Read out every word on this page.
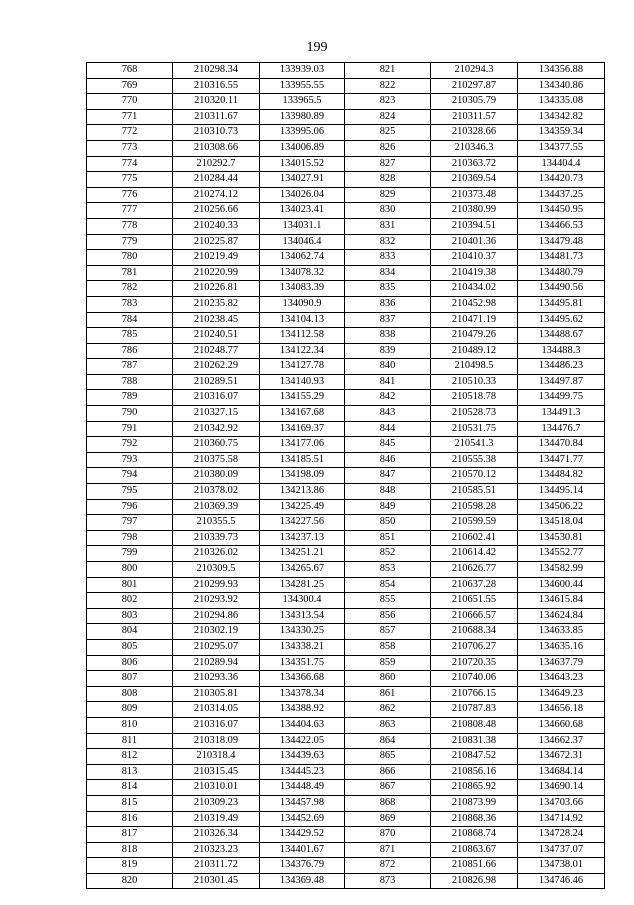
199
768	210298.34	133939.03	821	210294.3	134356.88
769	210316.55	133955.55	822	210297.87	134340.86
770	210320.11	133965.5	823	210305.79	134335.08
771	210311.67	133980.89	824	210311.57	134342.82
772	210310.73	133995.06	825	210328.66	134359.34
773	210308.66	134006.89	826	210346.3	134377.55
774	210292.7	134015.52	827	210363.72	134404.4
775	210284.44	134027.91	828	210369.54	134420.73
776	210274.12	134026.04	829	210373.48	134437.25
777	210256.66	134023.41	830	210380.99	134450.95
778	210240.33	134031.1	831	210394.51	134466.53
779	210225.87	134046.4	832	210401.36	134479.48
780	210219.49	134062.74	833	210410.37	134481.73
781	210220.99	134078.32	834	210419.38	134480.79
782	210226.81	134083.39	835	210434.02	134490.56
783	210235.82	134090.9	836	210452.98	134495.81
784	210238.45	134104.13	837	210471.19	134495.62
785	210240.51	134112.58	838	210479.26	134488.67
786	210248.77	134122.34	839	210489.12	134488.3
787	210262.29	134127.78	840	210498.5	134486.23
788	210289.51	134140.93	841	210510.33	134497.87
789	210316.07	134155.29	842	210518.78	134499.75
790	210327.15	134167.68	843	210528.73	134491.3
791	210342.92	134169.37	844	210531.75	134476.7
792	210360.75	134177.06	845	210541.3	134470.84
793	210375.58	134185.51	846	210555.38	134471.77
794	210380.09	134198.09	847	210570.12	134484.82
795	210378.02	134213.86	848	210585.51	134495.14
796	210369.39	134225.49	849	210598.28	134506.22
797	210355.5	134227.56	850	210599.59	134518.04
798	210339.73	134237.13	851	210602.41	134530.81
799	210326.02	134251.21	852	210614.42	134552.77
800	210309.5	134265.67	853	210626.77	134582.99
801	210299.93	134281.25	854	210637.28	134600.44
802	210293.92	134300.4	855	210651.55	134615.84
803	210294.86	134313.54	856	210666.57	134624.84
804	210302.19	134330.25	857	210688.34	134633.85
805	210295.07	134338.21	858	210706.27	134635.16
806	210289.94	134351.75	859	210720.35	134637.79
807	210293.36	134366.68	860	210740.06	134643.23
808	210305.81	134378.34	861	210766.15	134649.23
809	210314.05	134388.92	862	210787.83	134656.18
810	210316.07	134404.63	863	210808.48	134660.68
811	210318.09	134422.05	864	210831.38	134662.37
812	210318.4	134439.63	865	210847.52	134672.31
813	210315.45	134445.23	866	210856.16	134684.14
814	210310.01	134448.49	867	210865.92	134690.14
815	210309.23	134457.98	868	210873.99	134703.66
816	210319.49	134452.69	869	210868.36	134714.92
817	210326.34	134429.52	870	210868.74	134728.24
818	210323.23	134401.67	871	210863.67	134737.07
819	210311.72	134376.79	872	210851.66	134738.01
820	210301.45	134369.48	873	210826.98	134746.46
